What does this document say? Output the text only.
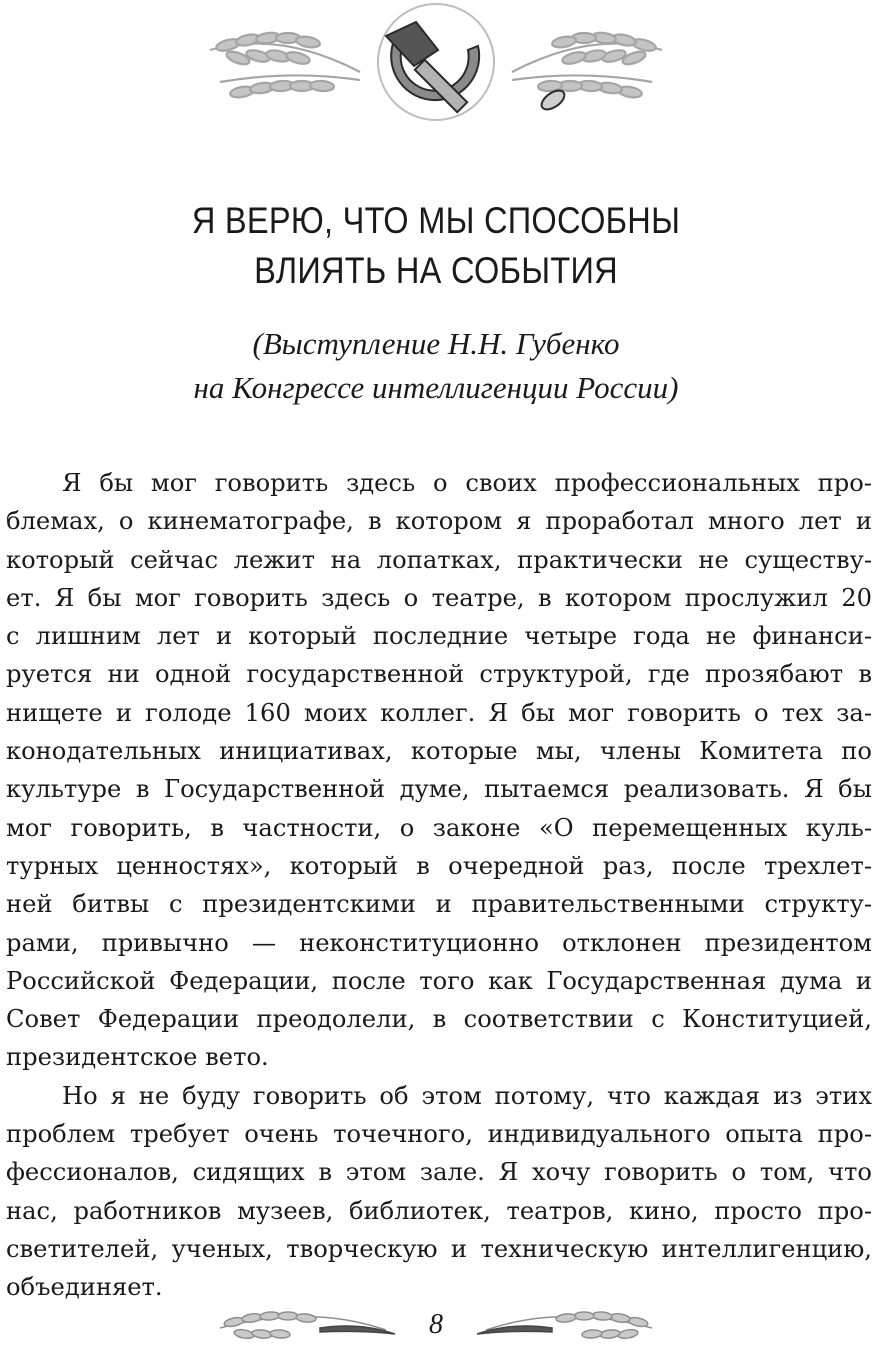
Я ВЕРЮ, ЧТО МЫ СПОСОБНЫ
ВЛИЯТЬ НА СОБЫТИЯ
(Выступление Н.Н. Губенко
на Конгрессе интеллигенции России)
Я бы мог говорить здесь о своих профессиональных про-
блемах, о кинематографе, в котором я проработал много лет и
который сейчас лежит на лопатках, практически не существу-
ет. Я бы мог говорить здесь о театре, в котором прослужил 20
с лишним лет и который последние четыре года не финанси-
руется ни одной государственной структурой, где прозябают в
нищете и голоде 160 моих коллег. Я бы мог говорить о тех за-
конодательных инициативах, которые мы, члены Комитета по
культуре в Государственной думе, пытаемся реализовать. Я бы
мог говорить, в частности, о законе «О перемещенных куль-
турных ценностях», который в очередной раз, после трехлет-
ней битвы с президентскими и правительственными структу-
рами, привычно — неконституционно отклонен президентом
Российской Федерации, после того как Государственная дума и
Совет Федерации преодолели, в соответствии с Конституцией,
президентское вето.
Но я не буду говорить об этом потому, что каждая из этих
проблем требует очень точечного, индивидуального опыта про-
фессионалов, сидящих в этом зале. Я хочу говорить о том, что
нас, работников музеев, библиотек, театров, кино, просто про-
светителей, ученых, творческую и техническую интеллигенцию,
объединяет.
8
